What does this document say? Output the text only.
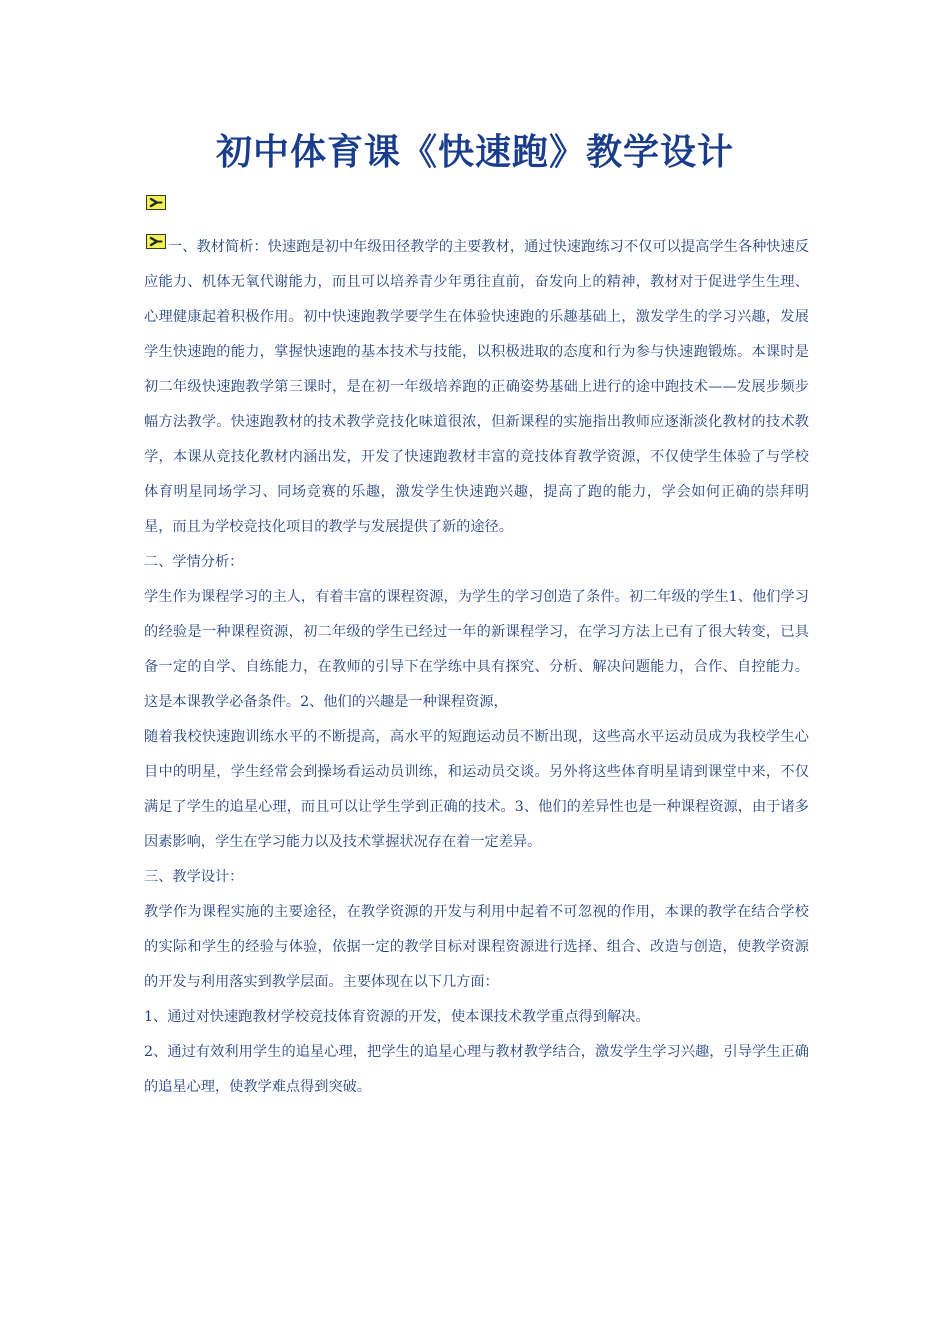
初中体育课《快速跑》教学设计

一、教材简析：快速跑是初中年级田径教学的主要教材，通过快速跑练习不仅可以提高学生各种快速反应能力、机体无氧代谢能力，而且可以培养青少年勇往直前，奋发向上的精神，教材对于促进学生生理、心理健康起着积极作用。初中快速跑教学要学生在体验快速跑的乐趣基础上，激发学生的学习兴趣，发展学生快速跑的能力，掌握快速跑的基本技术与技能，以积极进取的态度和行为参与快速跑锻炼。本课时是初二年级快速跑教学第三课时，是在初一年级培养跑的正确姿势基础上进行的途中跑技术——发展步频步幅方法教学。快速跑教材的技术教学竞技化味道很浓，但新课程的实施指出教师应逐渐淡化教材的技术教学，本课从竞技化教材内涵出发，开发了快速跑教材丰富的竞技体育教学资源，不仅使学生体验了与学校体育明星同场学习、同场竞赛的乐趣，激发学生快速跑兴趣，提高了跑的能力，学会如何正确的崇拜明星，而且为学校竞技化项目的教学与发展提供了新的途径。

二、学情分析：

学生作为课程学习的主人，有着丰富的课程资源，为学生的学习创造了条件。初二年级的学生1、他们学习的经验是一种课程资源，初二年级的学生已经过一年的新课程学习，在学习方法上已有了很大转变，已具备一定的自学、自练能力，在教师的引导下在学练中具有探究、分析、解决问题能力，合作、自控能力。这是本课教学必备条件。2、他们的兴趣是一种课程资源，

随着我校快速跑训练水平的不断提高，高水平的短跑运动员不断出现，这些高水平运动员成为我校学生心目中的明星，学生经常会到操场看运动员训练，和运动员交谈。另外将这些体育明星请到课堂中来，不仅满足了学生的追星心理，而且可以让学生学到正确的技术。3、他们的差异性也是一种课程资源，由于诸多因素影响，学生在学习能力以及技术掌握状况存在着一定差异。

三、教学设计：

教学作为课程实施的主要途径，在教学资源的开发与利用中起着不可忽视的作用，本课的教学在结合学校的实际和学生的经验与体验，依据一定的教学目标对课程资源进行选择、组合、改造与创造，使教学资源的开发与利用落实到教学层面。主要体现在以下几方面：

1、通过对快速跑教材学校竞技体育资源的开发，使本课技术教学重点得到解决。

2、通过有效利用学生的追星心理，把学生的追星心理与教材教学结合，激发学生学习兴趣，引导学生正确的追星心理，使教学难点得到突破。
